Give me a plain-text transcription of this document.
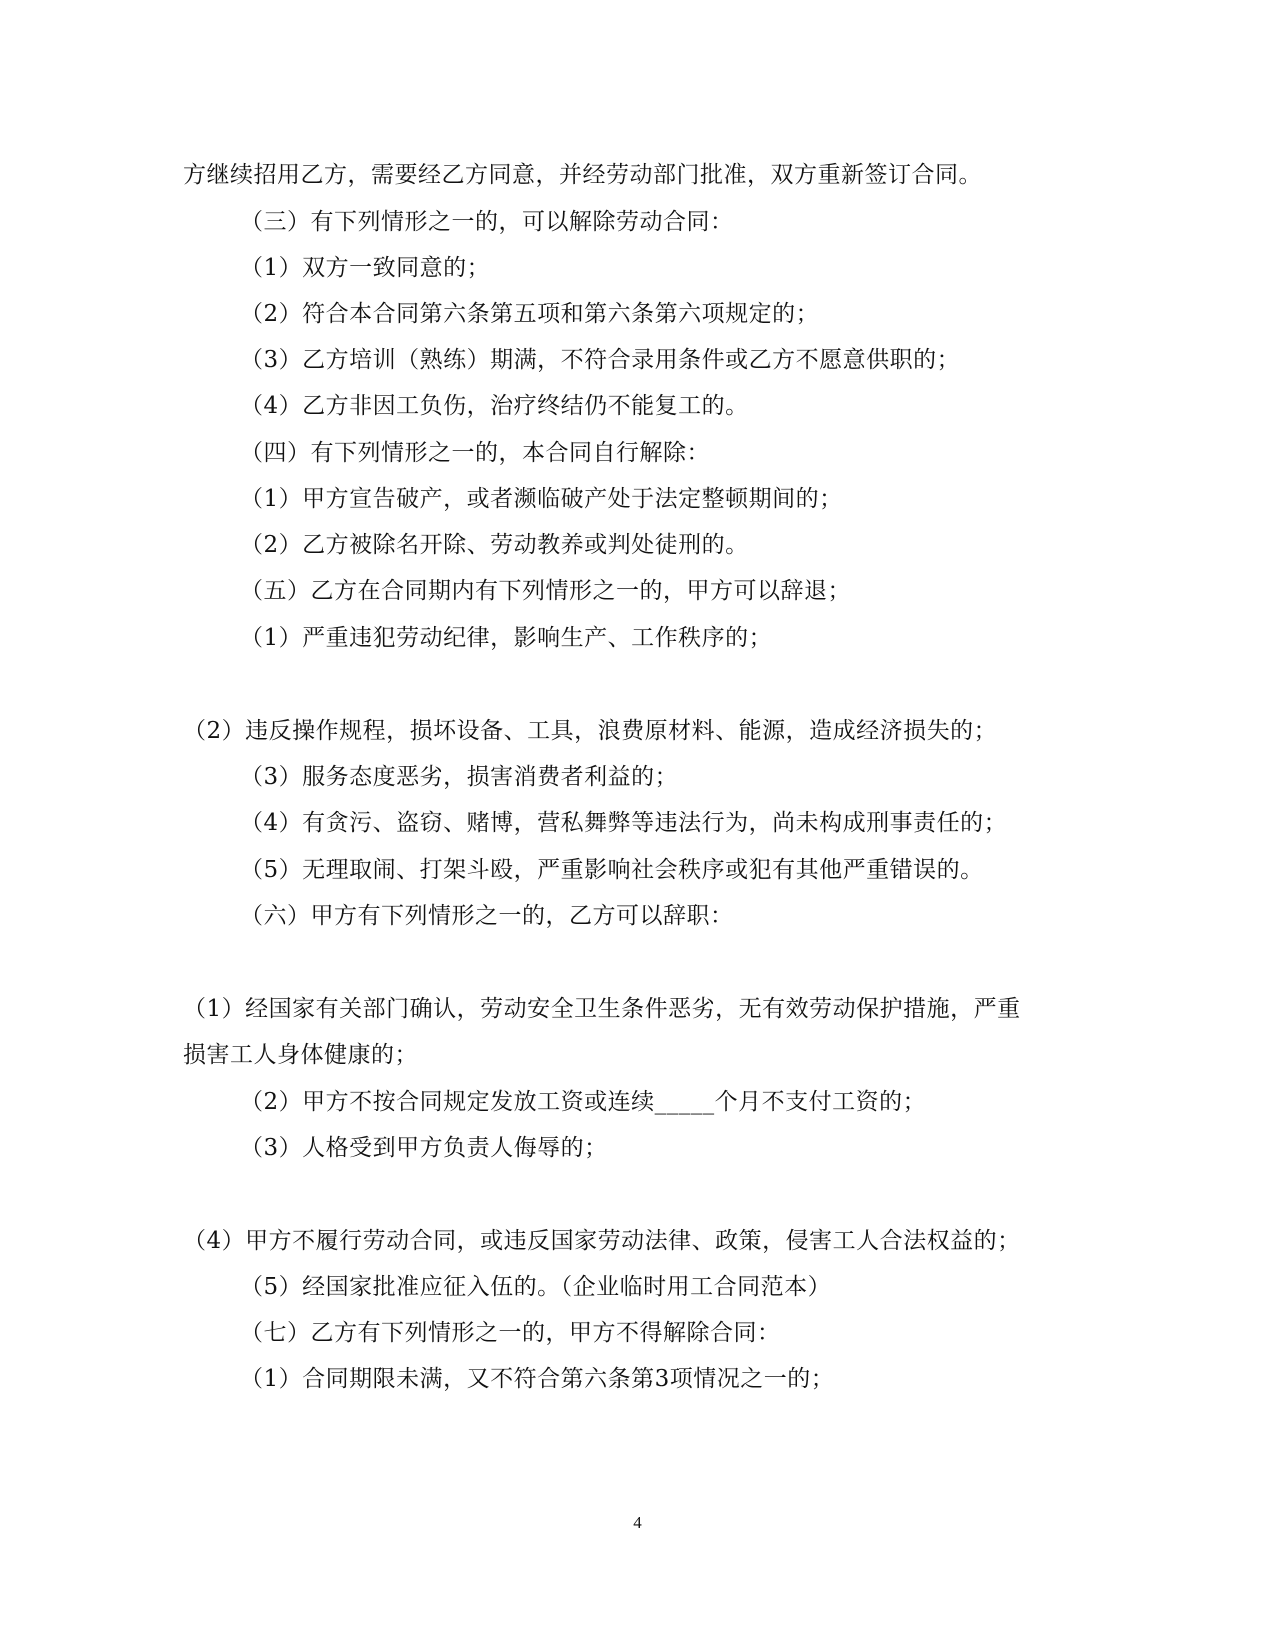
方继续招用乙方，需要经乙方同意，并经劳动部门批准，双方重新签订合同。
（三）有下列情形之一的，可以解除劳动合同：
（1）双方一致同意的；
（2）符合本合同第六条第五项和第六条第六项规定的；
（3）乙方培训（熟练）期满，不符合录用条件或乙方不愿意供职的；
（4）乙方非因工负伤，治疗终结仍不能复工的。
（四）有下列情形之一的，本合同自行解除：
（1）甲方宣告破产，或者濒临破产处于法定整顿期间的；
（2）乙方被除名开除、劳动教养或判处徒刑的。
（五）乙方在合同期内有下列情形之一的，甲方可以辞退；
（1）严重违犯劳动纪律，影响生产、工作秩序的；
（2）违反操作规程，损坏设备、工具，浪费原材料、能源，造成经济损失的；
（3）服务态度恶劣，损害消费者利益的；
（4）有贪污、盗窃、赌博，营私舞弊等违法行为，尚未构成刑事责任的；
（5）无理取闹、打架斗殴，严重影响社会秩序或犯有其他严重错误的。
（六）甲方有下列情形之一的，乙方可以辞职：
（1）经国家有关部门确认，劳动安全卫生条件恶劣，无有效劳动保护措施，严重
损害工人身体健康的；
（2）甲方不按合同规定发放工资或连续_____个月不支付工资的；
（3）人格受到甲方负责人侮辱的；
（4）甲方不履行劳动合同，或违反国家劳动法律、政策，侵害工人合法权益的；
（5）经国家批准应征入伍的。（企业临时用工合同范本）
（七）乙方有下列情形之一的，甲方不得解除合同：
（1）合同期限未满，又不符合第六条第3项情况之一的；
4
